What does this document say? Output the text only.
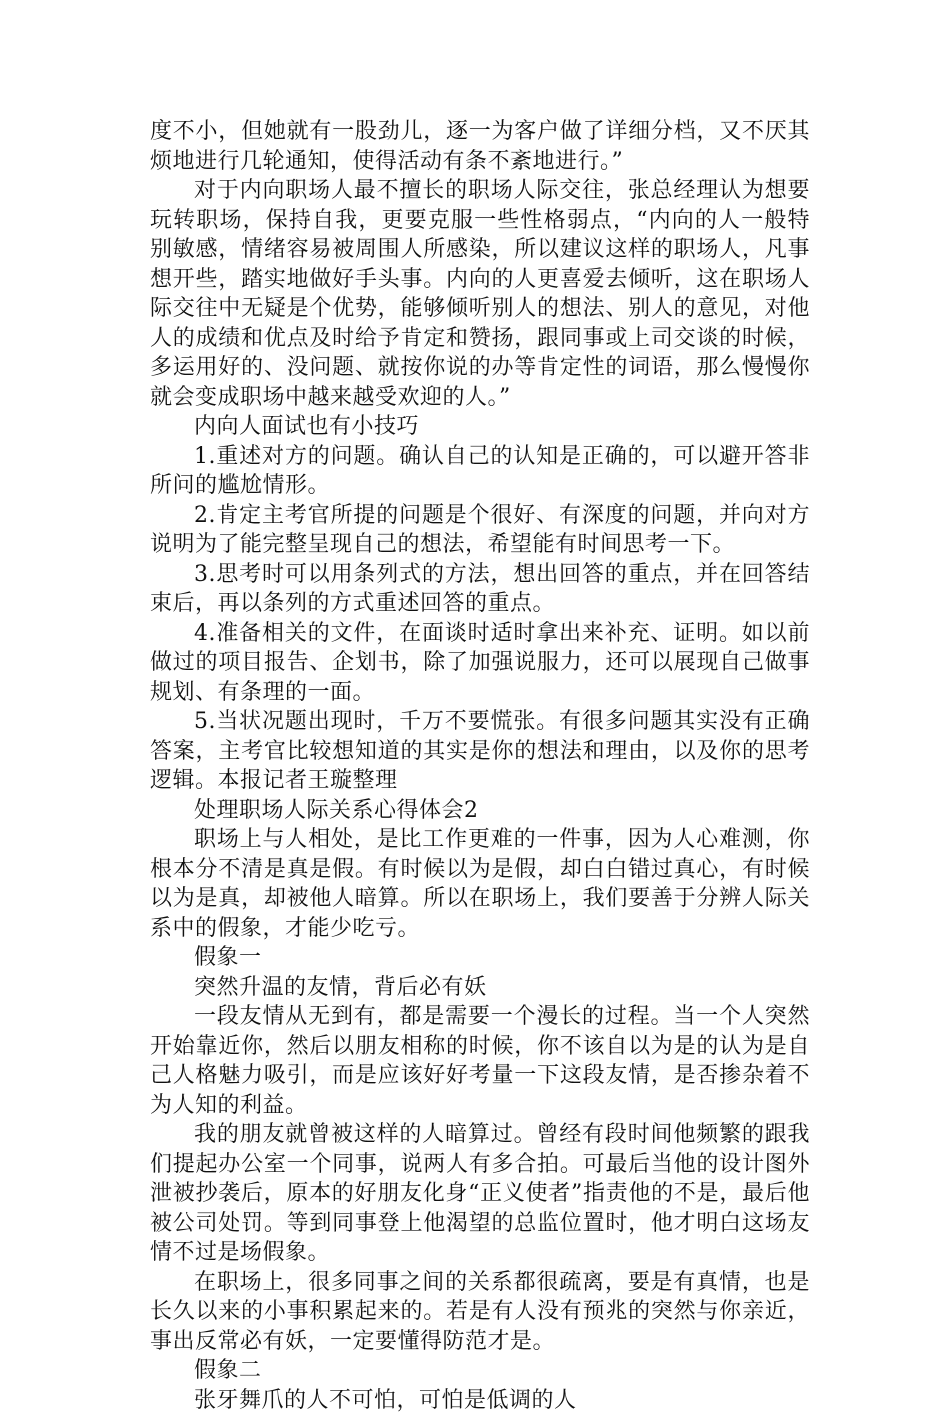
度不小，但她就有一股劲儿，逐一为客户做了详细分档，又不厌其烦地进行几轮通知，使得活动有条不紊地进行。”

对于内向职场人最不擅长的职场人际交往，张总经理认为想要玩转职场，保持自我，更要克服一些性格弱点，“内向的人一般特别敏感，情绪容易被周围人所感染，所以建议这样的职场人，凡事想开些，踏实地做好手头事。内向的人更喜爱去倾听，这在职场人际交往中无疑是个优势，能够倾听别人的想法、别人的意见，对他人的成绩和优点及时给予肯定和赞扬，跟同事或上司交谈的时候，多运用好的、没问题、就按你说的办等肯定性的词语，那么慢慢你就会变成职场中越来越受欢迎的人。”

内向人面试也有小技巧

1.重述对方的问题。确认自己的认知是正确的，可以避开答非所问的尴尬情形。

2.肯定主考官所提的问题是个很好、有深度的问题，并向对方说明为了能完整呈现自己的想法，希望能有时间思考一下。

3.思考时可以用条列式的方法，想出回答的重点，并在回答结束后，再以条列的方式重述回答的重点。

4.准备相关的文件，在面谈时适时拿出来补充、证明。如以前做过的项目报告、企划书，除了加强说服力，还可以展现自己做事规划、有条理的一面。

5.当状况题出现时，千万不要慌张。有很多问题其实没有正确答案，主考官比较想知道的其实是你的想法和理由，以及你的思考逻辑。本报记者王璇整理

处理职场人际关系心得体会2

职场上与人相处，是比工作更难的一件事，因为人心难测，你根本分不清是真是假。有时候以为是假，却白白错过真心，有时候以为是真，却被他人暗算。所以在职场上，我们要善于分辨人际关系中的假象，才能少吃亏。

假象一

突然升温的友情，背后必有妖

一段友情从无到有，都是需要一个漫长的过程。当一个人突然开始靠近你，然后以朋友相称的时候，你不该自以为是的认为是自己人格魅力吸引，而是应该好好考量一下这段友情，是否掺杂着不为人知的利益。

我的朋友就曾被这样的人暗算过。曾经有段时间他频繁的跟我们提起办公室一个同事，说两人有多合拍。可最后当他的设计图外泄被抄袭后，原本的好朋友化身“正义使者”指责他的不是，最后他被公司处罚。等到同事登上他渴望的总监位置时，他才明白这场友情不过是场假象。

在职场上，很多同事之间的关系都很疏离，要是有真情，也是长久以来的小事积累起来的。若是有人没有预兆的突然与你亲近，事出反常必有妖，一定要懂得防范才是。

假象二

张牙舞爪的人不可怕，可怕是低调的人
